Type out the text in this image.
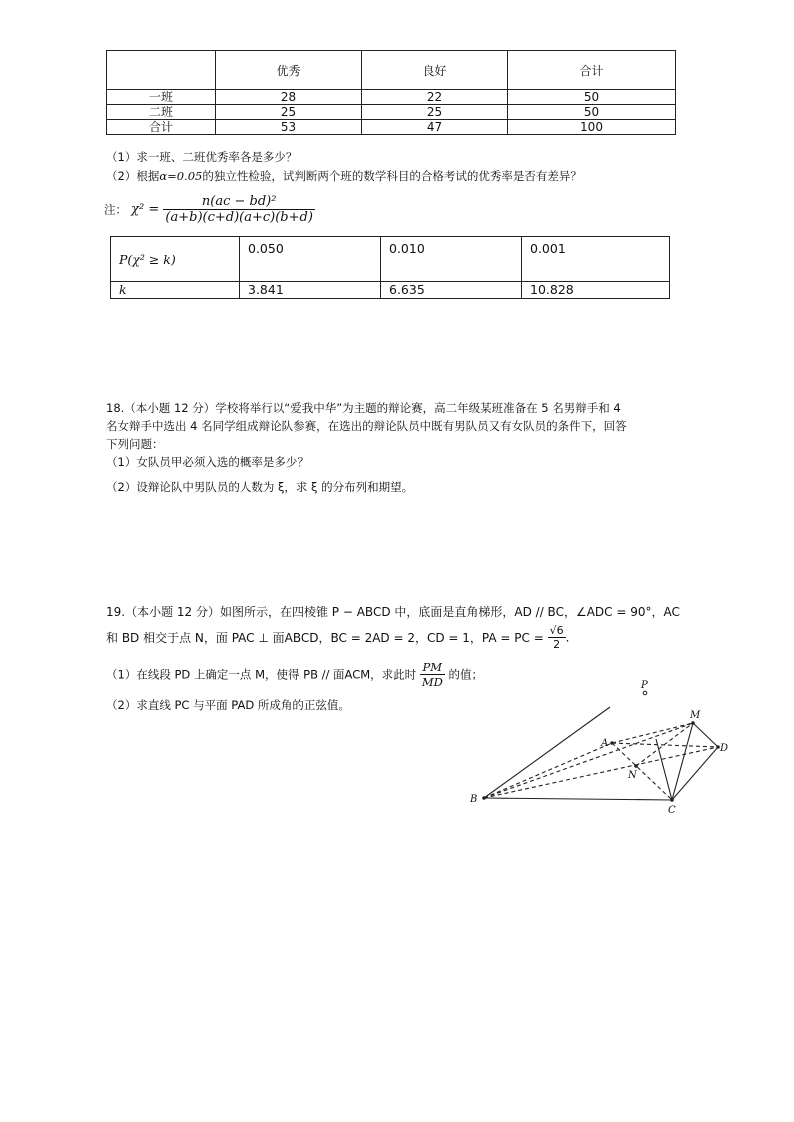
	优秀	良好	合计
一班	28	22	50
二班	25	25	50
合计	53	47	100
（1）求一班、二班优秀率各是多少？
（2）根据α=0.05的独立性检验，试判断两个班的数学科目的合格考试的优秀率是否有差异？
注： $\chi^2 = \frac{\text{n(ac − bd)²}}{(a+b)(c+d)(a+c)(b+d)}$
P(χ² ≥ k)	0.050	0.010	0.001
k	3.841	6.635	10.828
18.（本小题 12 分）学校将举行以“爱我中华”为主题的辩论赛，高二年级某班准备在 5 名男辩手和 4
名女辩手中选出 4 名同学组成辩论队参赛，在选出的辩论队员中既有男队员又有女队员的条件下，回答
下列问题：
（1）女队员甲必须入选的概率是多少？
（2）设辩论队中男队员的人数为 ξ，求 ξ 的分布列和期望。
19.（本小题 12 分）如图所示，在四棱锥 P − ABCD 中，底面是直角梯形，AD // BC，∠ADC = 90°，AC
和 BD 相交于点 N，面 PAC ⊥ 面ABCD，BC = 2AD = 2，CD = 1，PA = PC = $\frac{√6}{2}$ .
（1）在线段 PD 上确定一点 M，使得 PB // 面ACM，求此时 $\frac{PM}{MD}$ 的值；
（2）求直线 PC 与平面 PAD 所成角的正弦值。
P
M
A	D
N
B
C
